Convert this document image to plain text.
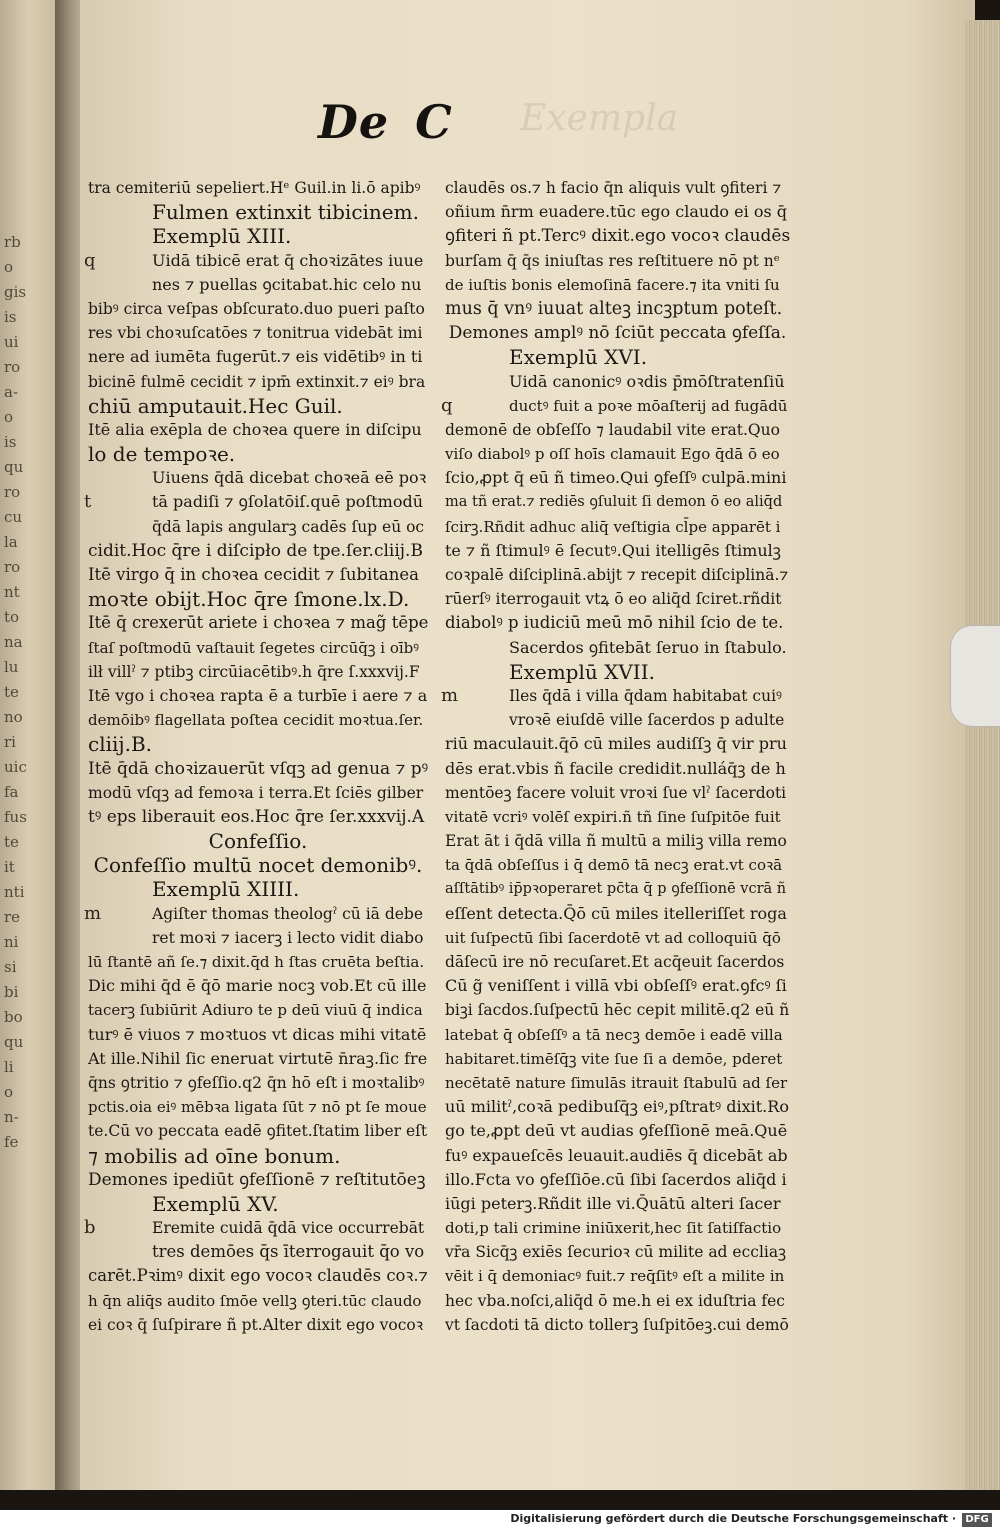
rb
o
gis
is
ui
ro
a-
o
is
qu
ro
cu
la
ro
nt
to
na
lu
te
no
ri
uic
fa
fus
te
it
nti
re
ni
si
bi
bo
qu
li
o
n-
fe
De C Exempla
tra cemiteriū sepeliert.Hᵉ Guil.in li.ō apibꝰ
Fulmen extinxit tibicinem.
Exemplū XIII.
q	Uidā tibicē erat q̄ choꝛizātes iuue
nes ⁊ puellas ꝯcitabat.hic celo nu
bibꝰ circa veſpas obſcurato.duo pueri paſto
res vbi choꝛuſcatōes ⁊ tonitrua videbāt imi
nere ad iumēta fugerūt.⁊ eis vidētibꝰ in ti
bicinē fulmē cecidit ⁊ ipm̄ extinxit.⁊ eiꝰ bra
chiū amputauit.Hec Guil.
Itē alia exēpla de choꝛea quere in diſcipu
lo de tempoꝛe.
Uiuens q̄dā dicebat choꝛeā eē poꝛ
t	tā padiſi ⁊ ꝯſolatōiſ.quē poſtmodū
q̄dā lapis angularꝫ cadēs ſup eū oc
cidit.Hoc q̄re i diſcipło de tpe.ſer.cliij.B
Itē virgo q̄ in choꝛea cecidit ⁊ ſubitanea
moꝛte obijt.Hoc q̄re ſmone.lx.D.
Itē q̄ crexerūt ariete i choꝛea ⁊ mag̃ tēpe
ſtaſ poſtmodū vaſtauit ſegetes circūq̄ꝫ i oībꝰ
ilł villˀ ⁊ ptibꝫ circūiacētibꝰ.h q̄re ſ.xxxvij.F
Itē vgo i choꝛea rapta ē a turbīe i aere ⁊ a
demōibꝰ flagellata poſtea cecidit moꝛtua.ſer.
cliij.B.
Itē q̄dā choꝛizauerūt vſqꝫ ad genua ⁊ pꝰ
modū vſqꝫ ad femoꝛa i terra.Et ſciēs gilber
tꝰ eps liberauit eos.Hoc q̄re ſer.xxxvij.A
Confeſſio.
Confeſſio multū nocet demonibꝰ.
Exemplū XIIII.
m	Agiſter thomas theologˀ cū iā debe
ret moꝛi ⁊ iacerꝫ i lecto vidit diabo
lū ſtantē añ ſe.⁊ dixit.q̄d h ſtas cruēta beſtia.
Dic mihi q̄d ē q̄ō marie nocꝫ vob.Et cū ille
tacerꝫ ſubiūrit Adiuro te p deū viuū q̄ indica
turꝰ ē viuos ⁊ moꝛtuos vt dicas mihi vitatē
At ille.Nihil ſic eneruat virtutē n̄raꝫ.ſic fre
q̄ns ꝯtritio ⁊ ꝯfeſſio.q2 q̄n hō eſt i moꝛtalibꝰ
pctis.oia eiꝰ mēbꝛa ligata ſūt ⁊ nō pt ſe moue
te.Cū vo peccata eadē ꝯfitet.ſtatim liber eſt
⁊ mobilis ad oīne bonum.
Demones ipediūt ꝯfeſſionē ⁊ reſtitutōeꝫ
Exemplū XV.
b	Eremite cuidā q̄dā vice occurrebāt
tres demōes q̄s īterrogauit q̄o vo
carēt.Pꝛimꝰ dixit ego vocoꝛ claudēs coꝛ.⁊
h q̄n aliq̄s audito ſmōe vellꝫ ꝯteri.tūc claudo
ei coꝛ q̄ ſuſpirare ñ pt.Alter dixit ego vocoꝛ
claudēs os.⁊ h facio q̄n aliquis vult ꝯfiteri ⁊
oñium n̄rm euadere.tūc ego claudo ei os q̄
ꝯfiteri ñ pt.Tercꝰ dixit.ego vocoꝛ claudēs
burſam q̄ q̄s iniuſtas res reſtituere nō pt nᵉ
de iuſtis bonis elemoſinā facere.⁊ ita vniti ſu
mus q̄ vnꝰ iuuat alteꝫ incꝫptum poteſt.
Demones amplꝰ nō ſciūt peccata ꝯfeſſa.
Exemplū XVI.
Uidā canonicꝰ oꝛdis p̄mōſtratenſiū
q	ductꝰ fuit a poꝛe mōaſterij ad fugādū
demonē de obſeſſo ⁊ laudabil vite erat.Quo
viſo diabolꝰ p oſſ hoīs clamauit Ego q̄dā ō eo
ſcio,ꝓpt q̄ eū ñ timeo.Qui ꝯfeſſꝰ culpā.mini
ma tñ erat.⁊ rediēs ꝯſuluit ſi demon ō eo aliq̄d
ſcirꝫ.Rñdit adhuc aliq̄ veſtigia cl̄pe apparēt i
te ⁊ ñ ſtimulꝰ ē ſecutꝰ.Qui itelligēs ſtimulꝫ
coꝛpalē diſciplinā.abijt ⁊ recepit diſciplinā.⁊
rūerſꝰ iterrogauit vtꝝ ō eo aliq̄d ſciret.rñdit
diabolꝰ p iudiciū meū mō nihil ſcio de te.
Sacerdos ꝯfitebāt ſeruo in ſtabulo.
Exemplū XVII.
m	Iles q̄dā i villa q̄dam habitabat cuiꝰ
vroꝛē eiuſdē ville ſacerdos p adulte
riū maculauit.q̄ō cū miles audiſſꝫ q̄ vir pru
dēs erat.vbis ñ facile credidit.nulláq̄ꝫ de h
mentōeꝫ facere voluit vroꝛi ſue vlˀ ſacerdoti
vitatē vcriꝰ volēſ expiri.ñ tñ ſine ſuſpitōe fuit
Erat āt i q̄dā villa ñ multū a miliꝫ villa remo
ta q̄dā obſeſſus i q̄ demō tā necꝫ erat.vt coꝛā
aſſtātibꝰ ip̄pꝛoperaret pc̄ta q̄ p ꝯfeſſionē vcrā ñ
eſſent detecta.Q̄ō cū miles itelleriſſet roga
uit ſuſpectū ſibi ſacerdotē vt ad colloquiū q̄ō
dāſecū ire nō recuſaret.Et acq̄euit ſacerdos
Cū g̃ veniſſent i villā vbi obſeſſꝰ erat.ꝯfcꝰ ſi
biꝫi ſacdos.ſuſpectū hēc cepit militē.q2 eū ñ
latebat q̄ obſeſſꝰ a tā necꝫ demōe i eadē villa
habitaret.timēſq̄ꝫ vite ſue ſi a demōe, pderet
necētatē nature ſimulās itrauit ſtabulū ad ſer
uū militˀ,coꝛā pedibuſq̄ꝫ eiꝰ,pſtratꝰ dixit.Ro
go te,ꝓpt deū vt audias ꝯfeſſionē meā.Quē
fuꝰ expaueſcēs leuauit.audiēs q̄ dicebāt ab
illo.Fcta vo ꝯfeſſiōe.cū ſibi ſacerdos aliq̄d i
iūgi peterꝫ.Rñdit ille vi.Q̄uātū alteri ſacer
doti,p tali crimine iniūxerit,hec ſit ſatiſfactio
vr̄a Sicq̄ꝫ exiēs ſecurioꝛ cū milite ad eccliaꝫ
vēit i q̄ demoniacꝰ fuit.⁊ req̄ſitꝰ eſt a milite in
hec vba.noſci,aliq̄d ō me.h ei ex iduſtria fec
vt ſacdoti tā dicto tollerꝫ ſuſpitōeꝫ.cui demō
Digitalisierung gefördert durch die Deutsche Forschungsgemeinschaft · DFG
